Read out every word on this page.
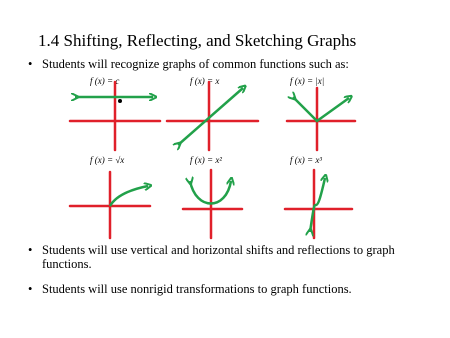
1.4 Shifting, Reflecting, and Sketching Graphs
• Students will recognize graphs of common functions such as:
f (x) = c	f (x) = x	f (x) = |x|
f (x) = √x	f (x) = x²	f (x) = x³
• Students will use vertical and horizontal shifts and reflections to graph functions.
• Students will use nonrigid transformations to graph functions.
